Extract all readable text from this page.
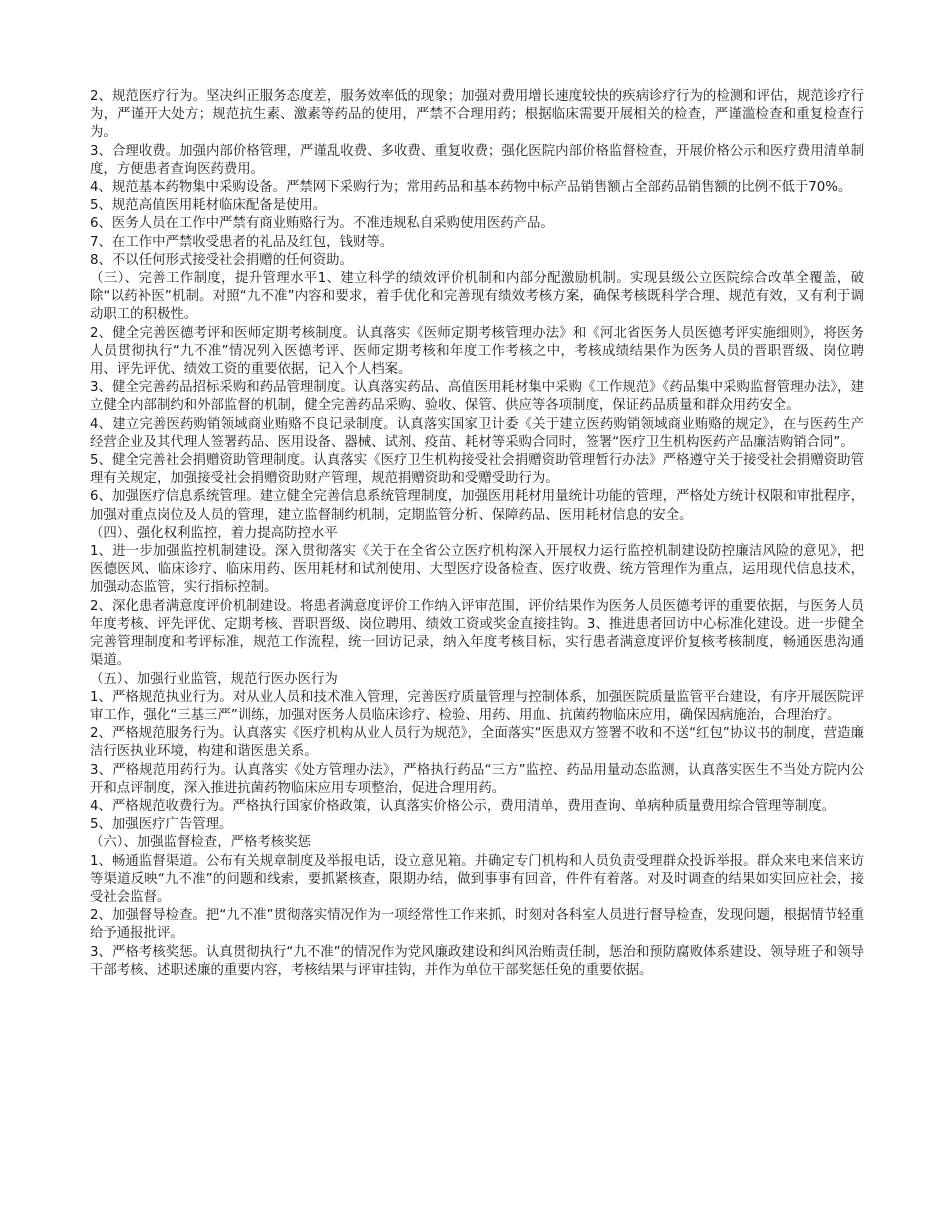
2、规范医疗行为。坚决纠正服务态度差，服务效率低的现象；加强对费用增长速度较快的疾病诊疗行为的检测和评估，规范诊疗行为，严谨开大处方；规范抗生素、激素等药品的使用，严禁不合理用药；根据临床需要开展相关的检查，严谨滥检查和重复检查行为。

3、合理收费。加强内部价格管理，严谨乱收费、多收费、重复收费；强化医院内部价格监督检查，开展价格公示和医疗费用清单制度，方便患者查询医药费用。

4、规范基本药物集中采购设备。严禁网下采购行为；常用药品和基本药物中标产品销售额占全部药品销售额的比例不低于70%。

5、规范高值医用耗材临床配备是使用。

6、医务人员在工作中严禁有商业贿赂行为。不准违规私自采购使用医药产品。

7、在工作中严禁收受患者的礼品及红包，钱财等。

8、不以任何形式接受社会捐赠的任何资助。

（三）、完善工作制度，提升管理水平1、建立科学的绩效评价机制和内部分配激励机制。实现县级公立医院综合改革全覆盖，破除“以药补医”机制。对照“九不准”内容和要求，着手优化和完善现有绩效考核方案，确保考核既科学合理、规范有效，又有利于调动职工的积极性。

2、健全完善医德考评和医师定期考核制度。认真落实《医师定期考核管理办法》和《河北省医务人员医德考评实施细则》，将医务人员贯彻执行“九不准”情况列入医德考评、医师定期考核和年度工作考核之中，考核成绩结果作为医务人员的晋职晋级、岗位聘用、评先评优、绩效工资的重要依据，记入个人档案。

3、健全完善药品招标采购和药品管理制度。认真落实药品、高值医用耗材集中采购《工作规范》《药品集中采购监督管理办法》，建立健全内部制约和外部监督的机制，健全完善药品采购、验收、保管、供应等各项制度，保证药品质量和群众用药安全。

4、建立完善医药购销领域商业贿赂不良记录制度。认真落实国家卫计委《关于建立医药购销领域商业贿赂的规定》，在与医药生产经营企业及其代理人签署药品、医用设备、器械、试剂、疫苗、耗材等采购合同时，签署“医疗卫生机构医药产品廉洁购销合同”。

5、健全完善社会捐赠资助管理制度。认真落实《医疗卫生机构接受社会捐赠资助管理暂行办法》严格遵守关于接受社会捐赠资助管理有关规定，加强接受社会捐赠资助财产管理，规范捐赠资助和受赠受助行为。

6、加强医疗信息系统管理。建立健全完善信息系统管理制度，加强医用耗材用量统计功能的管理，严格处方统计权限和审批程序，加强对重点岗位及人员的管理，建立监督制约机制，定期监管分析、保障药品、医用耗材信息的安全。

（四）、强化权利监控，着力提高防控水平

1、进一步加强监控机制建设。深入贯彻落实《关于在全省公立医疗机构深入开展权力运行监控机制建设防控廉洁风险的意见》，把医德医风、临床诊疗、临床用药、医用耗材和试剂使用、大型医疗设备检查、医疗收费、统方管理作为重点，运用现代信息技术，加强动态监管，实行指标控制。

2、深化患者满意度评价机制建设。将患者满意度评价工作纳入评审范围，评价结果作为医务人员医德考评的重要依据，与医务人员年度考核、评先评优、定期考核、晋职晋级、岗位聘用、绩效工资或奖金直接挂钩。3、推进患者回访中心标准化建设。进一步健全完善管理制度和考评标准，规范工作流程，统一回访记录，纳入年度考核目标，实行患者满意度评价复核考核制度，畅通医患沟通渠道。

（五）、加强行业监管，规范行医办医行为

1、严格规范执业行为。对从业人员和技术准入管理，完善医疗质量管理与控制体系，加强医院质量监管平台建设，有序开展医院评审工作，强化“三基三严”训练，加强对医务人员临床诊疗、检验、用药、用血、抗菌药物临床应用，确保因病施治，合理治疗。

2、严格规范服务行为。认真落实《医疗机构从业人员行为规范》，全面落实“医患双方签署不收和不送“红包”协议书的制度，营造廉洁行医执业环境，构建和谐医患关系。

3、严格规范用药行为。认真落实《处方管理办法》，严格执行药品“三方”监控、药品用量动态监测，认真落实医生不当处方院内公开和点评制度，深入推进抗菌药物临床应用专项整治，促进合理用药。

4、严格规范收费行为。严格执行国家价格政策，认真落实价格公示，费用清单，费用查询、单病种质量费用综合管理等制度。

5、加强医疗广告管理。

（六）、加强监督检查，严格考核奖惩

1、畅通监督渠道。公布有关规章制度及举报电话，设立意见箱。并确定专门机构和人员负责受理群众投诉举报。群众来电来信来访等渠道反映“九不准”的问题和线索，要抓紧核查，限期办结，做到事事有回音，件件有着落。对及时调查的结果如实回应社会，接受社会监督。

2、加强督导检查。把“九不准”贯彻落实情况作为一项经常性工作来抓，时刻对各科室人员进行督导检查，发现问题，根据情节轻重给予通报批评。

3、严格考核奖惩。认真贯彻执行“九不准”的情况作为党风廉政建设和纠风治贿责任制，惩治和预防腐败体系建设、领导班子和领导干部考核、述职述廉的重要内容，考核结果与评审挂钩，并作为单位干部奖惩任免的重要依据。
